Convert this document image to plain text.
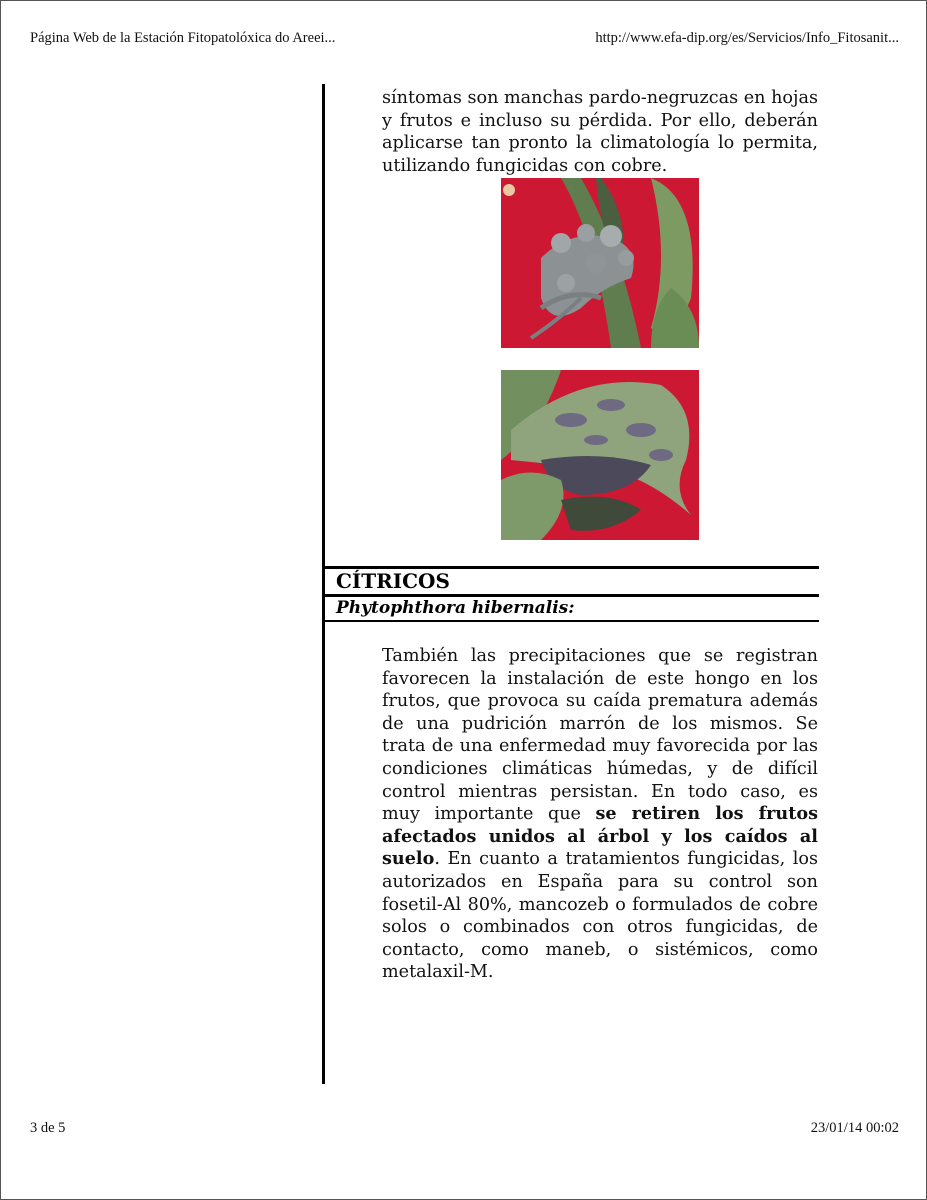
Página Web de la Estación Fitopatolóxica do Areei...	http://www.efa-dip.org/es/Servicios/Info_Fitosanit...
síntomas son manchas pardo-negruzcas en hojas y frutos e incluso su pérdida. Por ello, deberán aplicarse tan pronto la climatología lo permita, utilizando fungicidas con cobre.
CÍTRICOS
Phytophthora hibernalis:
También las precipitaciones que se registran favorecen la instalación de este hongo en los frutos, que provoca su caída prematura además de una pudrición marrón de los mismos. Se trata de una enfermedad muy favorecida por las condiciones climáticas húmedas, y de difícil control mientras persistan. En todo caso, es muy importante que se retiren los frutos afectados unidos al árbol y los caídos al suelo. En cuanto a tratamientos fungicidas, los autorizados en España para su control son fosetil-Al 80%, mancozeb o formulados de cobre solos o combinados con otros fungicidas, de contacto, como maneb, o sistémicos, como metalaxil-M.
3 de 5	23/01/14 00:02
